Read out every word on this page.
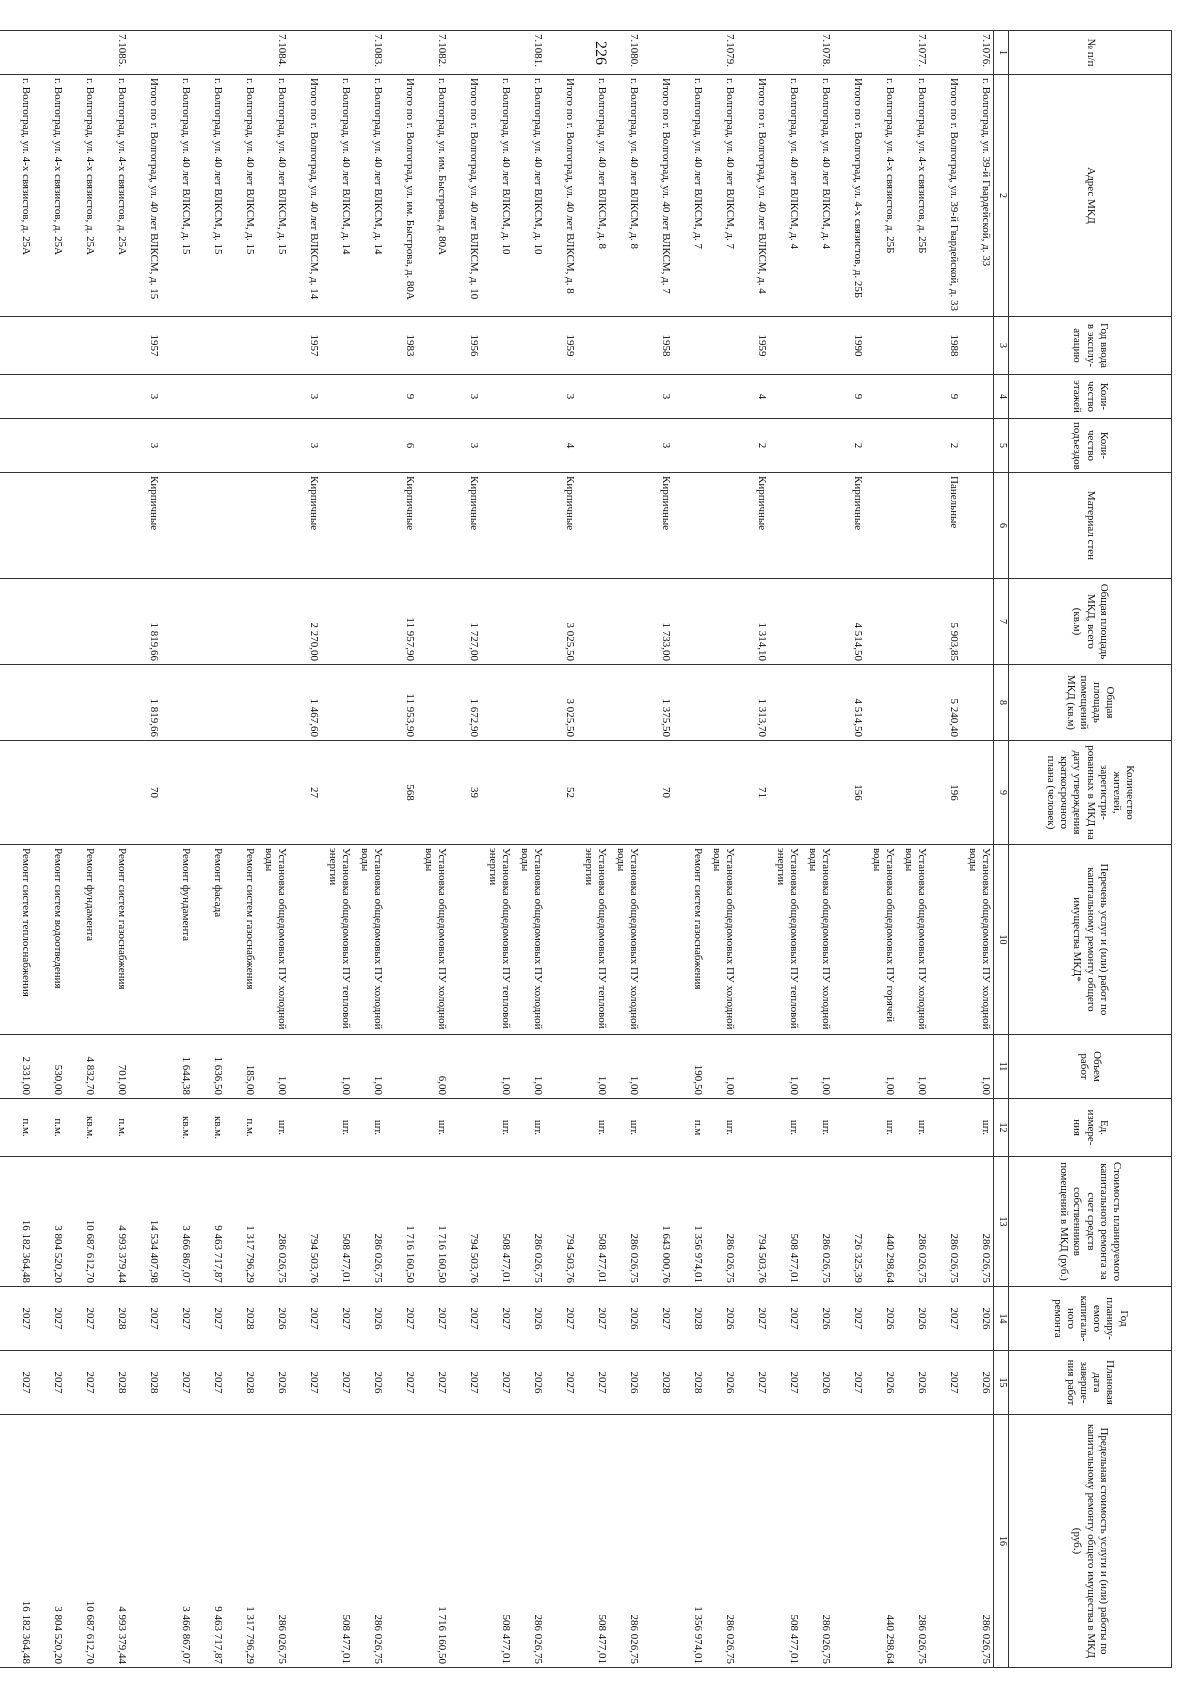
226	№ п/п	Адрес МКД	Год ввода в эксплу-атацию	Коли-чество этажей	Коли-чество подъездов	Материал стен	Общая площадь МКД, всего (кв.м)	Общая площадь помещений МКД (кв.м)	Количество жителей, зарегистри-рованных в МКД на дату утверждения краткосрочного плана (человек)	Перечень услуг и (или) работ по капитальному ремонту общего имущества МКД*	Объем работ	Ед. измере-ния	Стоимость планируемого капитального ремонта за счет средств собственников помещений в МКД (руб.)	Год планиру-емого капиталь-ного ремонта	Плановая дата заверше-ния работ	Предельная стоимость услуги и (или) работы по капитальному ремонту общего имущества в МКД (руб.)
1	2	3	4	5	6	7	8	9	10	11	12	13	14	15	16
7.1076.	г. Волгоград, ул. 39-й Гвардейской, д. 33								Установка общедомовых ПУ холодной воды	1,00	шт.	286 026,75	2026	2026	286 026,75
	Итого по г. Волгоград, ул. 39-й Гвардейской, д. 33	1988	9	2	Панельные	5 903,85	5 240,40	196				286 026,75	2027	2027	
7.1077.	г. Волгоград, ул. 4-х связистов, д. 25Б								Установка общедомовых ПУ холодной воды	1,00	шт.	286 026,75	2026	2026	286 026,75
	г. Волгоград, ул. 4-х связистов, д. 25Б								Установка общедомовых ПУ горячей воды	1,00	шт.	440 298,64	2026	2026	440 298,64
	Итого по г. Волгоград, ул. 4-х связистов, д. 25Б	1990	9	2	Кирпичные	4 514,50	4 514,50	156				726 325,39	2027	2027	
7.1078.	г. Волгоград, ул. 40 лет ВЛКСМ, д. 4								Установка общедомовых ПУ холодной воды	1,00	шт.	286 026,75	2026	2026	286 026,75
	г. Волгоград, ул. 40 лет ВЛКСМ, д. 4								Установка общедомовых ПУ тепловой энергии	1,00	шт.	508 477,01	2027	2027	508 477,01
	Итого по г. Волгоград, ул. 40 лет ВЛКСМ, д. 4	1959	4	2	Кирпичные	1 314,10	1 313,70	71				794 503,76	2027	2027	
7.1079.	г. Волгоград, ул. 40 лет ВЛКСМ, д. 7								Установка общедомовых ПУ холодной воды	1,00	шт.	286 026,75	2026	2026	286 026,75
	г. Волгоград, ул. 40 лет ВЛКСМ, д. 7								Ремонт систем газоснабжения	190,50	п.м	1 356 974,01	2028	2028	1 356 974,01
	Итого по г. Волгоград, ул. 40 лет ВЛКСМ, д. 7	1958	3	3	Кирпичные	1 733,00	1 375,50	70				1 643 000,76	2027	2028	
7.1080.	г. Волгоград, ул. 40 лет ВЛКСМ, д. 8								Установка общедомовых ПУ холодной воды	1,00	шт.	286 026,75	2026	2026	286 026,75
	г. Волгоград, ул. 40 лет ВЛКСМ, д. 8								Установка общедомовых ПУ тепловой энергии	1,00	шт.	508 477,01	2027	2027	508 477,01
	Итого по г. Волгоград, ул. 40 лет ВЛКСМ, д. 8	1959	3	4	Кирпичные	3 025,50	3 025,50	52				794 503,76	2027	2027	
7.1081.	г. Волгоград, ул. 40 лет ВЛКСМ, д. 10								Установка общедомовых ПУ холодной воды	1,00	шт.	286 026,75	2026	2026	286 026,75
	г. Волгоград, ул. 40 лет ВЛКСМ, д. 10								Установка общедомовых ПУ тепловой энергии	1,00	шт.	508 477,01	2027	2027	508 477,01
	Итого по г. Волгоград, ул. 40 лет ВЛКСМ, д. 10	1956	3	3	Кирпичные	1 727,00	1 672,90	39				794 503,76	2027	2027	
7.1082.	г. Волгоград, ул. им. Быстрова, д. 80А								Установка общедомовых ПУ холодной воды	6,00	шт.	1 716 160,50	2027	2027	1 716 160,50
	Итого по г. Волгоград, ул. им. Быстрова, д. 80А	1983	9	6	Кирпичные	11 957,90	11 953,90	568				1 716 160,50	2027	2027	
7.1083.	г. Волгоград, ул. 40 лет ВЛКСМ, д. 14								Установка общедомовых ПУ холодной воды	1,00	шт.	286 026,75	2026	2026	286 026,75
	г. Волгоград, ул. 40 лет ВЛКСМ, д. 14								Установка общедомовых ПУ тепловой энергии	1,00	шт.	508 477,01	2027	2027	508 477,01
	Итого по г. Волгоград, ул. 40 лет ВЛКСМ, д. 14	1957	3	3	Кирпичные	2 270,00	1 467,60	27				794 503,76	2027	2027	
7.1084.	г. Волгоград, ул. 40 лет ВЛКСМ, д. 15								Установка общедомовых ПУ холодной воды	1,00	шт.	286 026,75	2026	2026	286 026,75
	г. Волгоград, ул. 40 лет ВЛКСМ, д. 15								Ремонт систем газоснабжения	185,00	п.м.	1 317 796,29	2028	2028	1 317 796,29
	г. Волгоград, ул. 40 лет ВЛКСМ, д. 15								Ремонт фасада	1 636,50	кв.м.	9 463 717,87	2027	2027	9 463 717,87
	г. Волгоград, ул. 40 лет ВЛКСМ, д. 15								Ремонт фундамента	1 644,38	кв.м.	3 466 867,07	2027	2027	3 466 867,07
	Итого по г. Волгоград, ул. 40 лет ВЛКСМ, д. 15	1957	3	3	Кирпичные	1 819,66	1 819,66	70				14 534 407,98	2027	2028	
7.1085.	г. Волгоград, ул. 4-х связистов, д. 25А								Ремонт систем газоснабжения	701,00	п.м.	4 993 379,44	2028	2028	4 993 379,44
	г. Волгоград, ул. 4-х связистов, д. 25А								Ремонт фундамента	4 832,70	кв.м.	10 687 612,70	2027	2027	10 687 612,70
	г. Волгоград, ул. 4-х связистов, д. 25А								Ремонт систем водоотведения	530,00	п.м.	3 804 520,20	2027	2027	3 804 520,20
	г. Волгоград, ул. 4-х связистов, д. 25А								Ремонт систем теплоснабжения	2 331,00	п.м.	16 182 364,48	2027	2027	16 182 364,48
